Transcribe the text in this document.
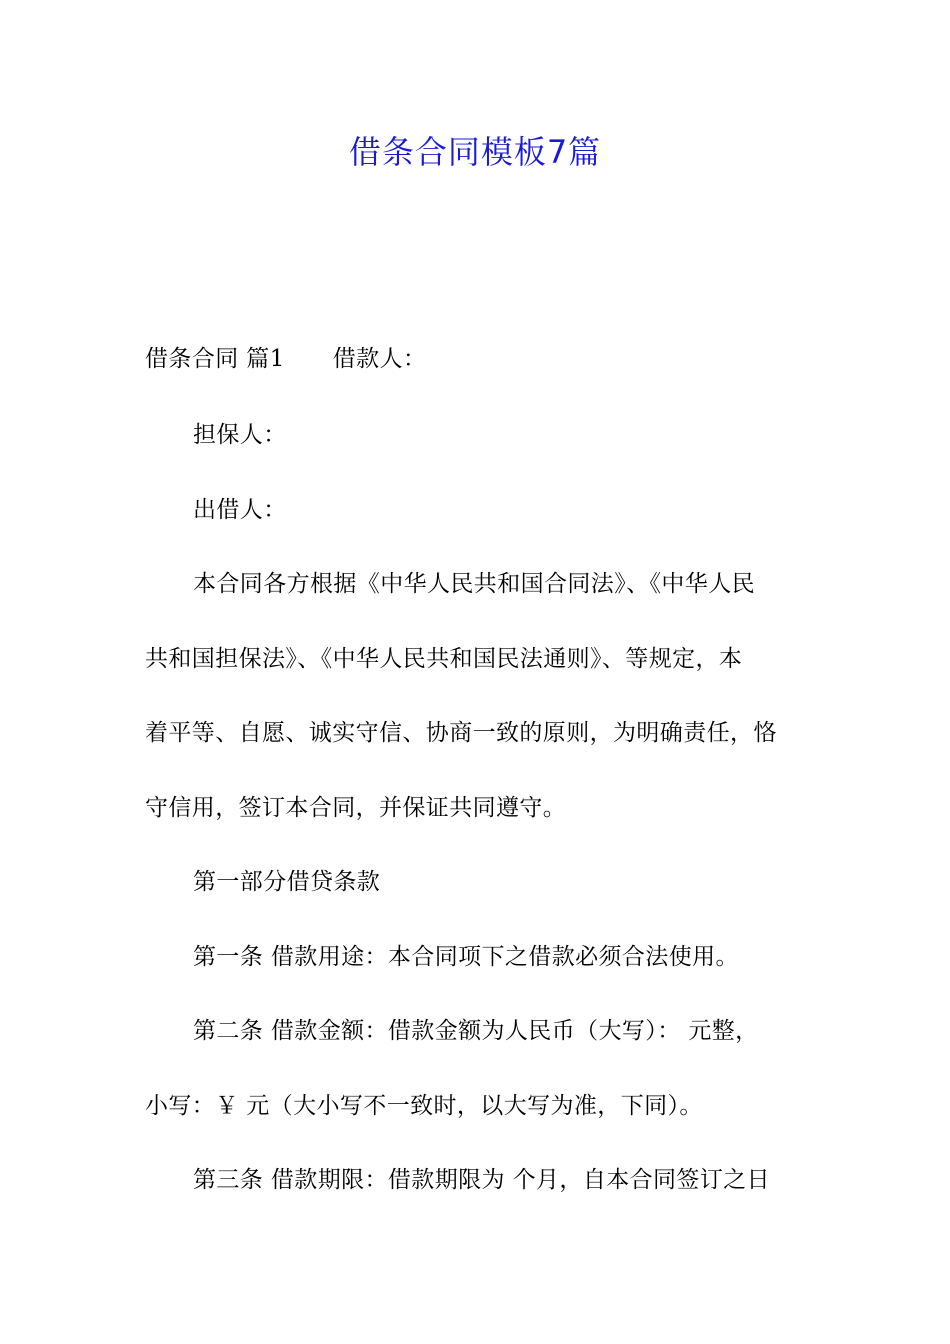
借条合同模板7篇
借条合同 篇1 借款人：
担保人：
出借人：
本合同各方根据《中华人民共和国合同法》、《中华人民
共和国担保法》、《中华人民共和国民法通则》、等规定，本
着平等、自愿、诚实守信、协商一致的原则，为明确责任，恪
守信用，签订本合同，并保证共同遵守。
第一部分借贷条款
第一条 借款用途：本合同项下之借款必须合法使用。
第二条 借款金额：借款金额为人民币（大写）： 元整，
小写：￥ 元（大小写不一致时，以大写为准，下同）。
第三条 借款期限：借款期限为 个月，自本合同签订之日
